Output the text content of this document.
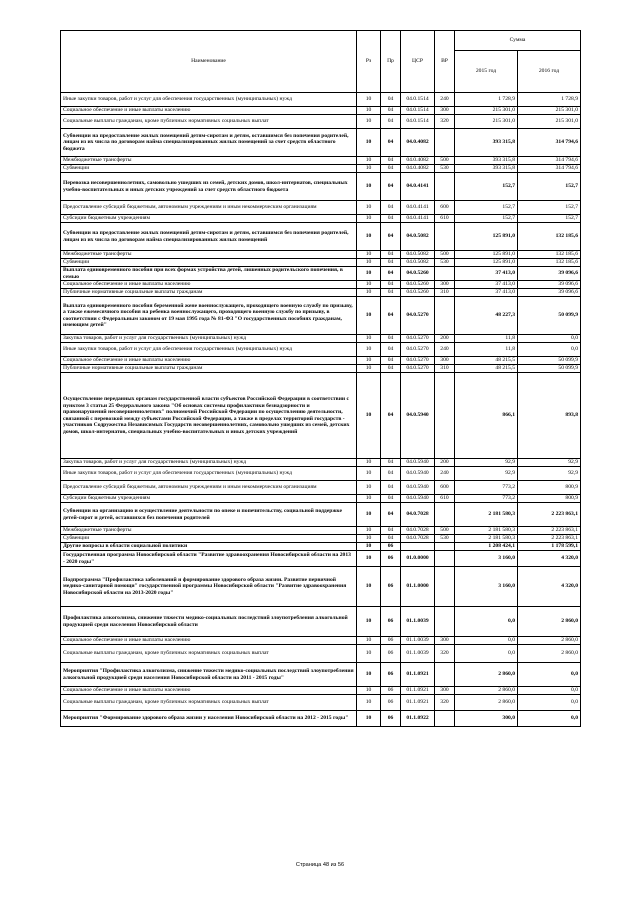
Наименование	Рз	Пр	ЦСР	ВР	Сумма	
					2015 год	2016 год
Иные закупки товаров, работ и услуг для обеспечения государственных (муниципальных) нужд	10	04	04.0.1514	240	1 728,9	1 728,9
Социальное обеспечение и иные выплаты населению	10	04	04.0.1514	300	215 301,0	215 301,0
Социальные выплаты гражданам, кроме публичных нормативных социальных выплат	10	04	04.0.1514	320	215 301,0	215 301,0
Субвенции на предоставление жилых помещений детям-сиротам и детям, оставшимся без попечения родителей, лицам из их числа по договорам найма специализированных жилых помещений за счет средств областного бюджета	10	04	04.0.4082		393 315,8	314 794,6
Межбюджетные трансферты	10	04	04.0.4082	500	393 315,8	314 794,6
Субвенции	10	04	04.0.4082	530	393 315,8	314 794,6
Перевозка несовершеннолетних, самовольно ушедших из семей, детских домов, школ-интернатов, специальных учебно-воспитательных и иных детских учреждений за счет средств областного бюджета	10	04	04.0.4141		152,7	152,7
Предоставление субсидий бюджетным, автономным учреждениям и иным некоммерческим организациям	10	04	04.0.4141	600	152,7	152,7
Субсидии бюджетным учреждениям	10	04	04.0.4141	610	152,7	152,7
Субвенции на предоставление жилых помещений детям-сиротам и детям, оставшимся без попечения родителей, лицам из их числа по договорам найма специализированных жилых помещений	10	04	04.0.5082		125 891,0	132 185,6
Межбюджетные трансферты	10	04	04.0.5082	500	125 891,0	132 185,6
Субвенции	10	04	04.0.5082	530	125 891,0	132 185,6
Выплата единовременного пособия при всех формах устройства детей, лишенных родительского попечения, в семью	10	04	04.0.5260		37 413,0	39 096,6
Социальное обеспечение и иные выплаты населению	10	04	04.0.5260	300	37 413,0	39 096,6
Публичные нормативные социальные выплаты гражданам	10	04	04.0.5260	310	37 413,0	39 096,6
Выплата единовременного пособия беременной жене военнослужащего, проходящего военную службу по призыву, а также ежемесячного пособия на ребенка военнослужащего, проходящего военную службу по призыву, в соответствии с Федеральным законом от 19 мая 1995 года № 81-ФЗ "О государственных пособиях гражданам, имеющим детей"	10	04	04.0.5270		48 227,3	50 099,9
Закупка товаров, работ и услуг для государственных (муниципальных) нужд	10	04	04.0.5270	200	11,8	0,0
Иные закупки товаров, работ и услуг для обеспечения государственных (муниципальных) нужд	10	04	04.0.5270	240	11,8	0,0
Социальное обеспечение и иные выплаты населению	10	04	04.0.5270	300	48 215,5	50 099,9
Публичные нормативные социальные выплаты гражданам	10	04	04.0.5270	310	48 215,5	50 099,9
Осуществление переданных органам государственной власти субъектов Российской Федерации в соответствии с пунктом 3 статьи 25 Федерального закона "Об основах системы профилактики безнадзорности и правонарушений несовершеннолетних" полномочий Российской Федерации по осуществлению деятельности, связанной с перевозкой между субъектами Российской Федерации, а также в пределах территорий государств - участников Содружества Независимых Государств несовершеннолетних, самовольно ушедших из семей, детских домов, школ-интернатов, специальных учебно-воспитательных и иных детских учреждений	10	04	04.0.5940		866,1	893,8
Закупка товаров, работ и услуг для государственных (муниципальных) нужд	10	04	04.0.5940	200	92,9	92,9
Иные закупки товаров, работ и услуг для обеспечения государственных (муниципальных) нужд	10	04	04.0.5940	240	92,9	92,9
Предоставление субсидий бюджетным, автономным учреждениям и иным некоммерческим организациям	10	04	04.0.5940	600	773,2	800,9
Субсидии бюджетным учреждениям	10	04	04.0.5940	610	773,2	800,9
Субвенции на организацию и осуществление деятельности по опеке и попечительству, социальной поддержке детей-сирот и детей, оставшихся без попечения родителей	10	04	04.0.7028		2 181 580,3	2 223 863,1
Межбюджетные трансферты	10	04	04.0.7028	500	2 181 580,3	2 223 863,1
Субвенции	10	04	04.0.7028	530	2 181 580,3	2 223 863,1
Другие вопросы в области социальной политики	10	06			1 208 424,1	1 178 599,1
Государственная программа Новосибирской области "Развитие здравоохранения Новосибирской области на 2013 - 2020 годы"	10	06	01.0.0000		3 160,0	4 320,0
Подпрограмма "Профилактика заболеваний и формирование здорового образа жизни. Развитие первичной медико-санитарной помощи" государственной программы Новосибирской области "Развитие здравоохранения Новосибирской области на 2013-2020 годы"	10	06	01.1.0000		3 160,0	4 320,0
Профилактика алкоголизма, снижение тяжести медико-социальных последствий злоупотребления алкогольной продукцией среди населения Новосибирской области	10	06	01.1.0039		0,0	2 860,0
Социальное обеспечение и иные выплаты населению	10	06	01.1.0039	300	0,0	2 860,0
Социальные выплаты гражданам, кроме публичных нормативных социальных выплат	10	06	01.1.0039	320	0,0	2 860,0
Мероприятия "Профилактика алкоголизма, снижение тяжести медико-социальных последствий злоупотребления алкогольной продукцией среди населения Новосибирской области на 2011 - 2015 годы"	10	06	01.1.0921		2 860,0	0,0
Социальное обеспечение и иные выплаты населению	10	06	01.1.0921	300	2 860,0	0,0
Социальные выплаты гражданам, кроме публичных нормативных социальных выплат	10	06	01.1.0921	320	2 860,0	0,0
Мероприятия "Формирование здорового образа жизни у населения Новосибирской области на 2012 - 2015 годы"	10	06	01.1.0922		300,0	0,0
Страница 48 из 56
